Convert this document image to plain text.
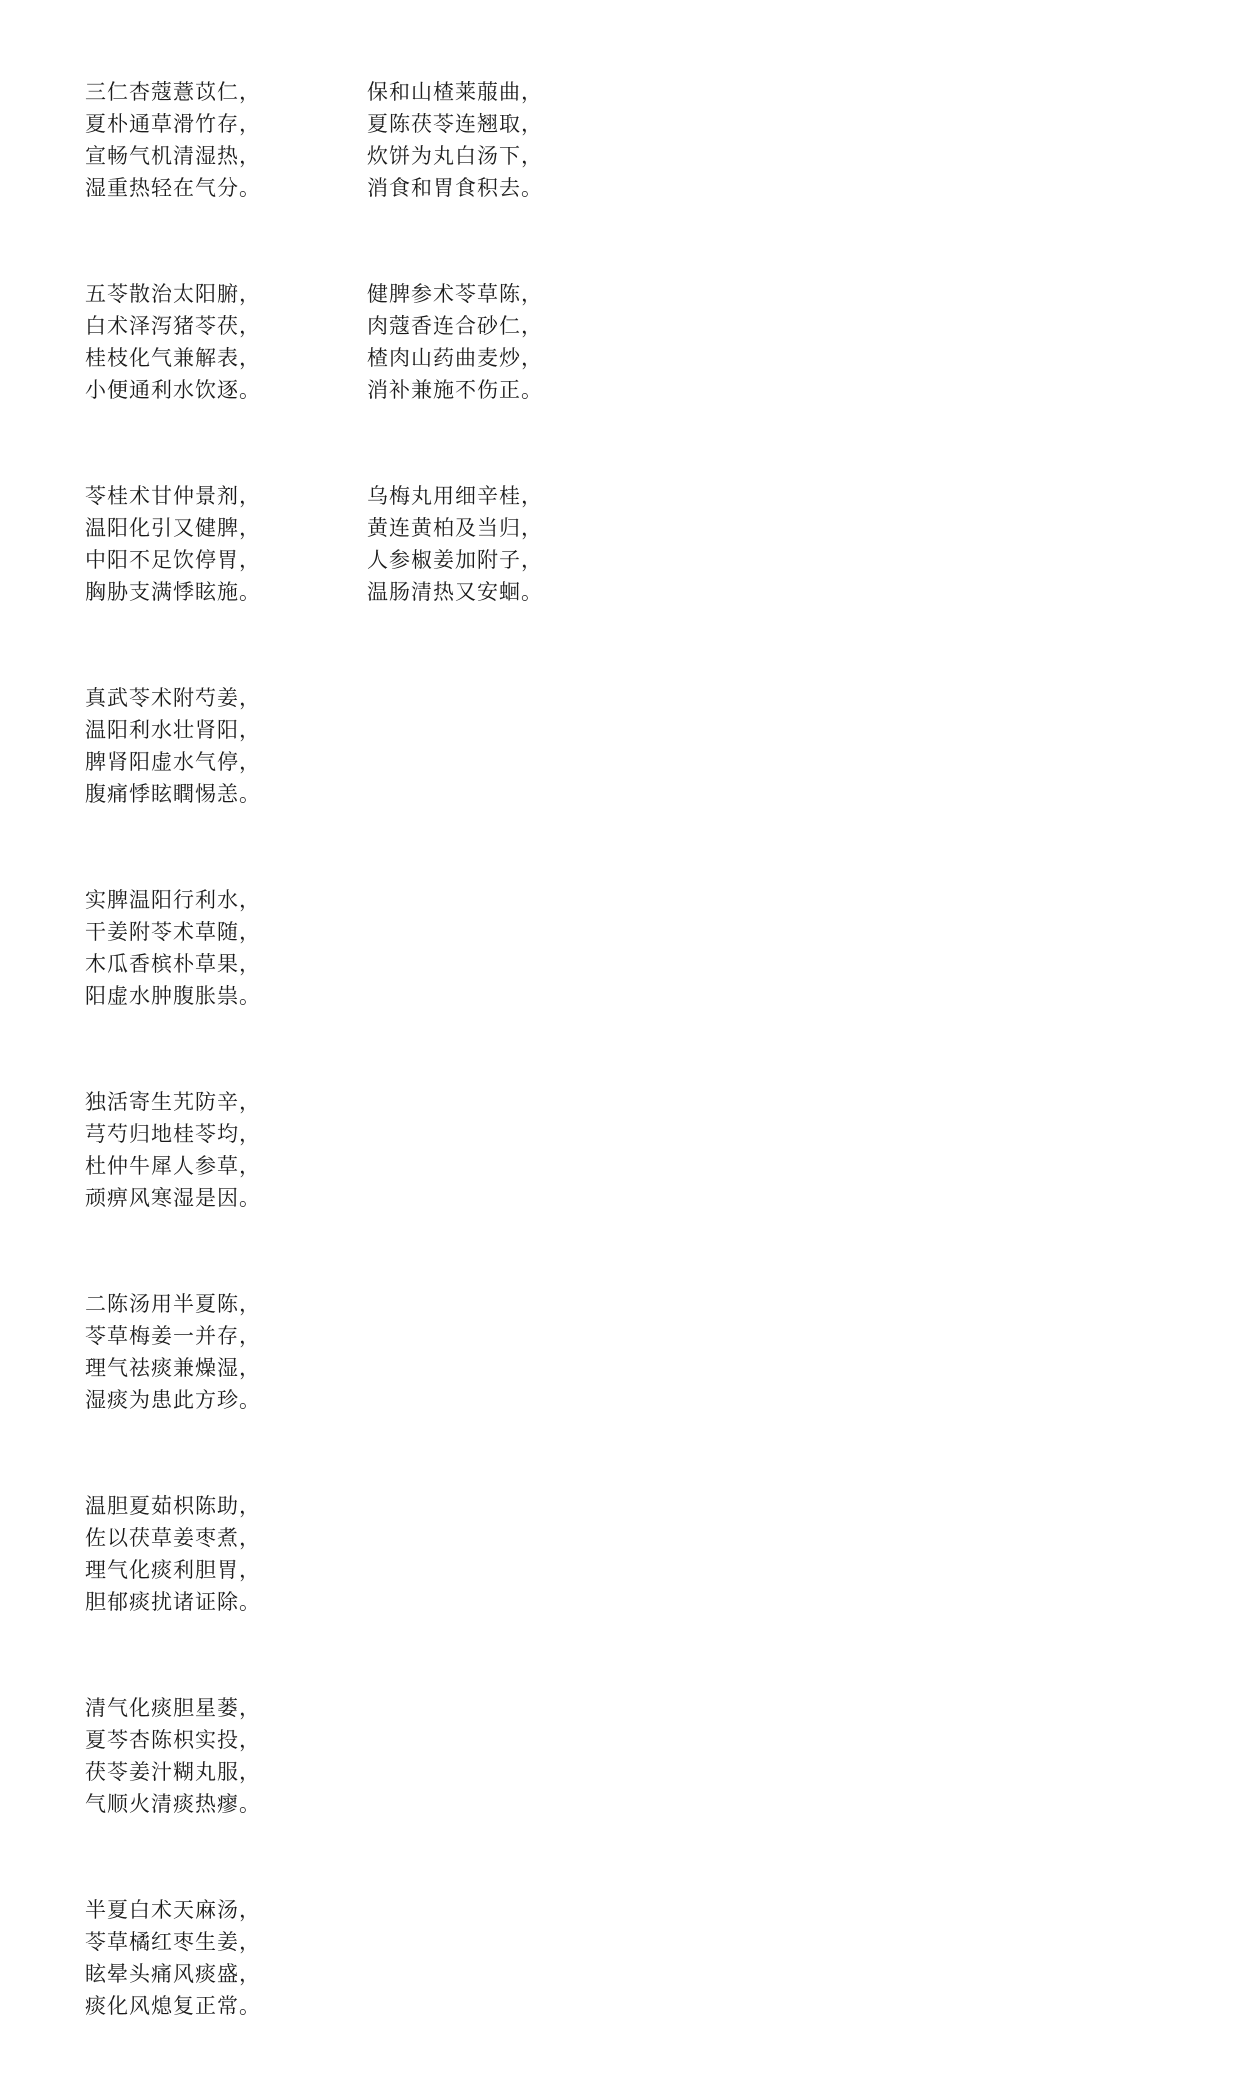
三仁杏蔻薏苡仁，
夏朴通草滑竹存，
宣畅气机清湿热，
湿重热轻在气分。
五苓散治太阳腑，
白术泽泻猪苓茯，
桂枝化气兼解表，
小便通利水饮逐。
苓桂术甘仲景剂，
温阳化引又健脾，
中阳不足饮停胃，
胸胁支满悸眩施。
真武苓术附芍姜，
温阳利水壮肾阳，
脾肾阳虚水气停，
腹痛悸眩瞤惕恙。
实脾温阳行利水，
干姜附苓术草随，
木瓜香槟朴草果，
阳虚水肿腹胀祟。
独活寄生艽防辛，
芎芍归地桂苓均，
杜仲牛犀人参草，
顽痹风寒湿是因。
二陈汤用半夏陈，
苓草梅姜一并存，
理气祛痰兼燥湿，
湿痰为患此方珍。
温胆夏茹枳陈助，
佐以茯草姜枣煮，
理气化痰利胆胃，
胆郁痰扰诸证除。
清气化痰胆星蒌，
夏芩杏陈枳实投，
茯苓姜汁糊丸服，
气顺火清痰热瘳。
半夏白术天麻汤，
苓草橘红枣生姜，
眩晕头痛风痰盛，
痰化风熄复正常。
保和山楂莱菔曲，
夏陈茯苓连翘取，
炊饼为丸白汤下，
消食和胃食积去。
健脾参术苓草陈，
肉蔻香连合砂仁，
楂肉山药曲麦炒，
消补兼施不伤正。
乌梅丸用细辛桂，
黄连黄柏及当归，
人参椒姜加附子，
温肠清热又安蛔。
